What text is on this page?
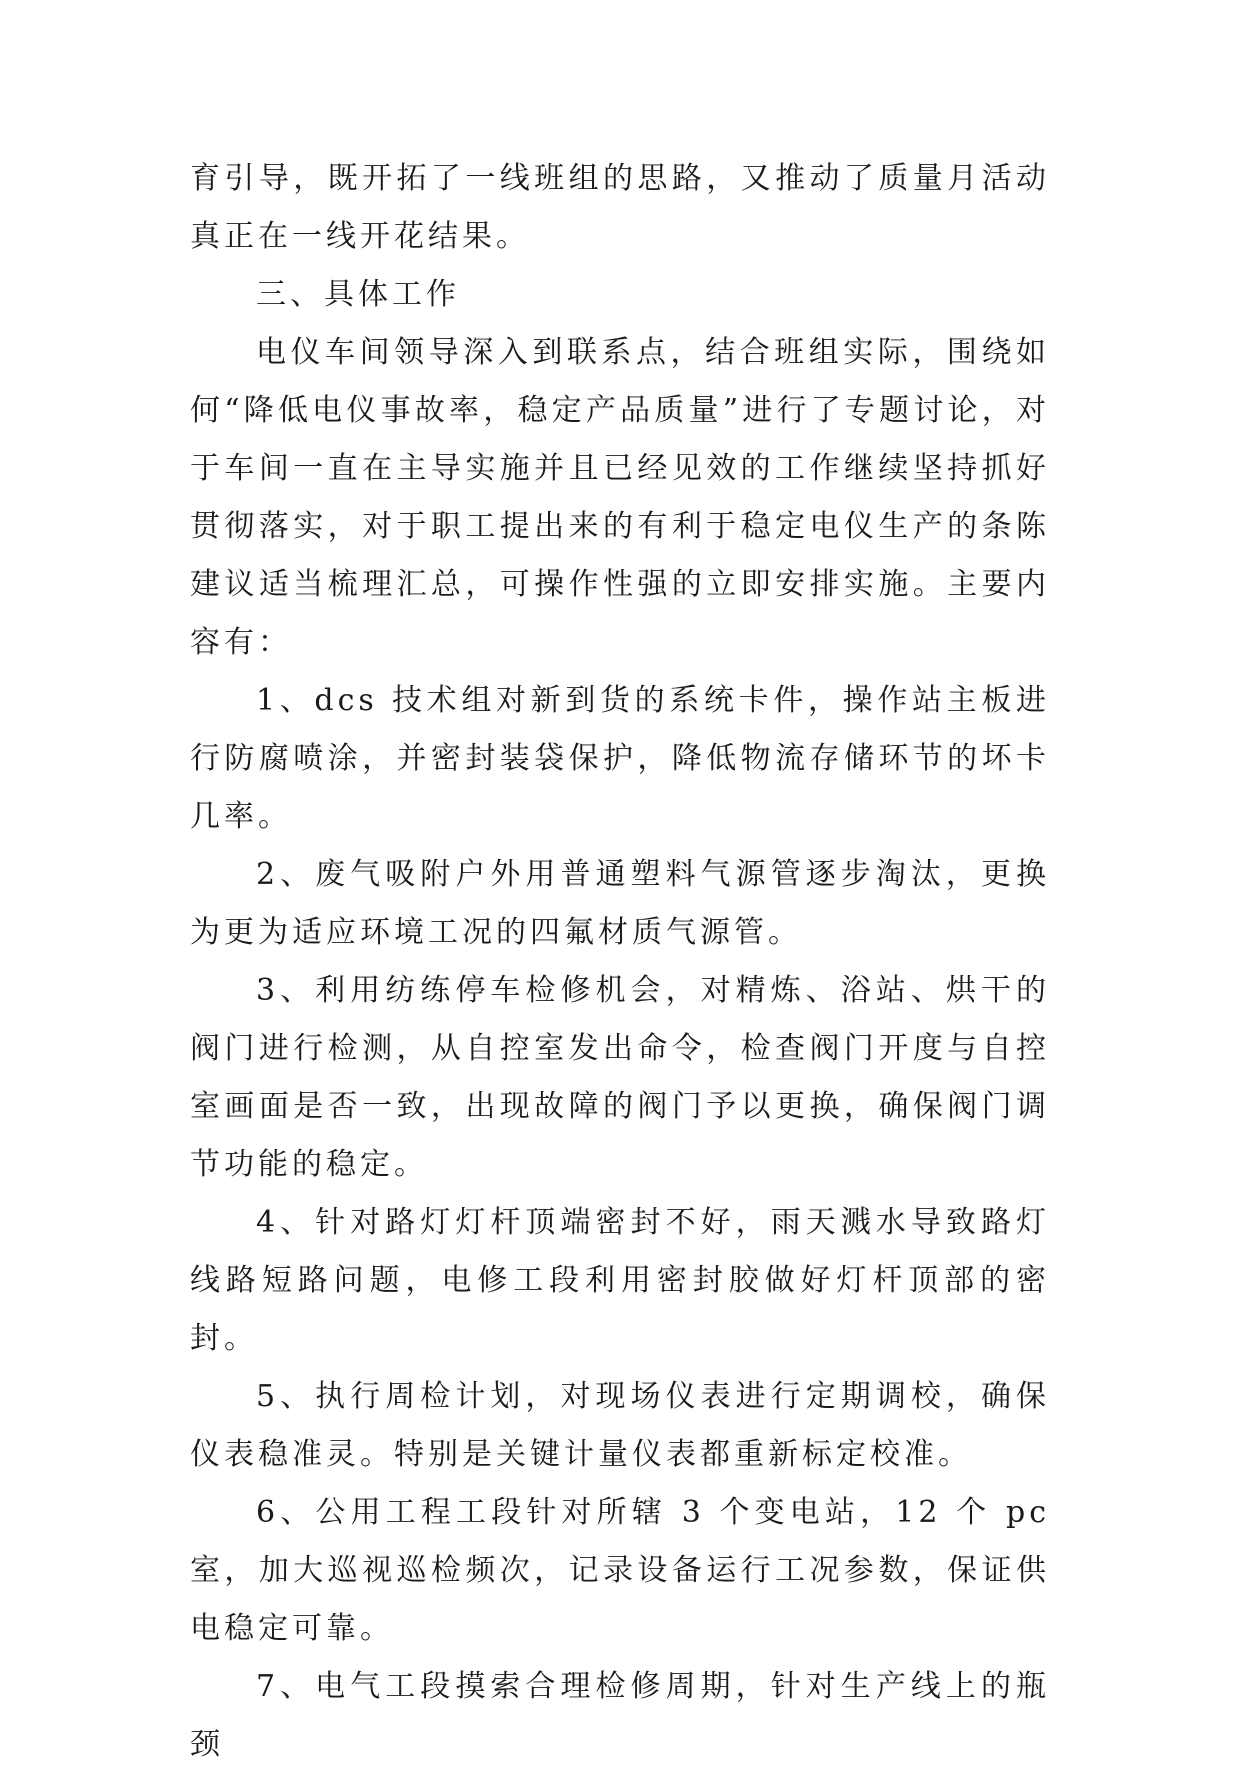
育引导，既开拓了一线班组的思路，又推动了质量月活动真正在一线开花结果。

三、具体工作

电仪车间领导深入到联系点，结合班组实际，围绕如何“降低电仪事故率，稳定产品质量”进行了专题讨论，对于车间一直在主导实施并且已经见效的工作继续坚持抓好贯彻落实，对于职工提出来的有利于稳定电仪生产的条陈建议适当梳理汇总，可操作性强的立即安排实施。主要内容有：

1、dcs 技术组对新到货的系统卡件，操作站主板进行防腐喷涂，并密封装袋保护，降低物流存储环节的坏卡几率。

2、废气吸附户外用普通塑料气源管逐步淘汰，更换为更为适应环境工况的四氟材质气源管。

3、利用纺练停车检修机会，对精炼、浴站、烘干的阀门进行检测，从自控室发出命令，检查阀门开度与自控室画面是否一致，出现故障的阀门予以更换，确保阀门调节功能的稳定。

4、针对路灯灯杆顶端密封不好，雨天溅水导致路灯线路短路问题，电修工段利用密封胶做好灯杆顶部的密封。

5、执行周检计划，对现场仪表进行定期调校，确保仪表稳准灵。特别是关键计量仪表都重新标定校准。

6、公用工程工段针对所辖 3 个变电站，12 个 pc 室，加大巡视巡检频次，记录设备运行工况参数，保证供电稳定可靠。

7、电气工段摸索合理检修周期，针对生产线上的瓶颈
